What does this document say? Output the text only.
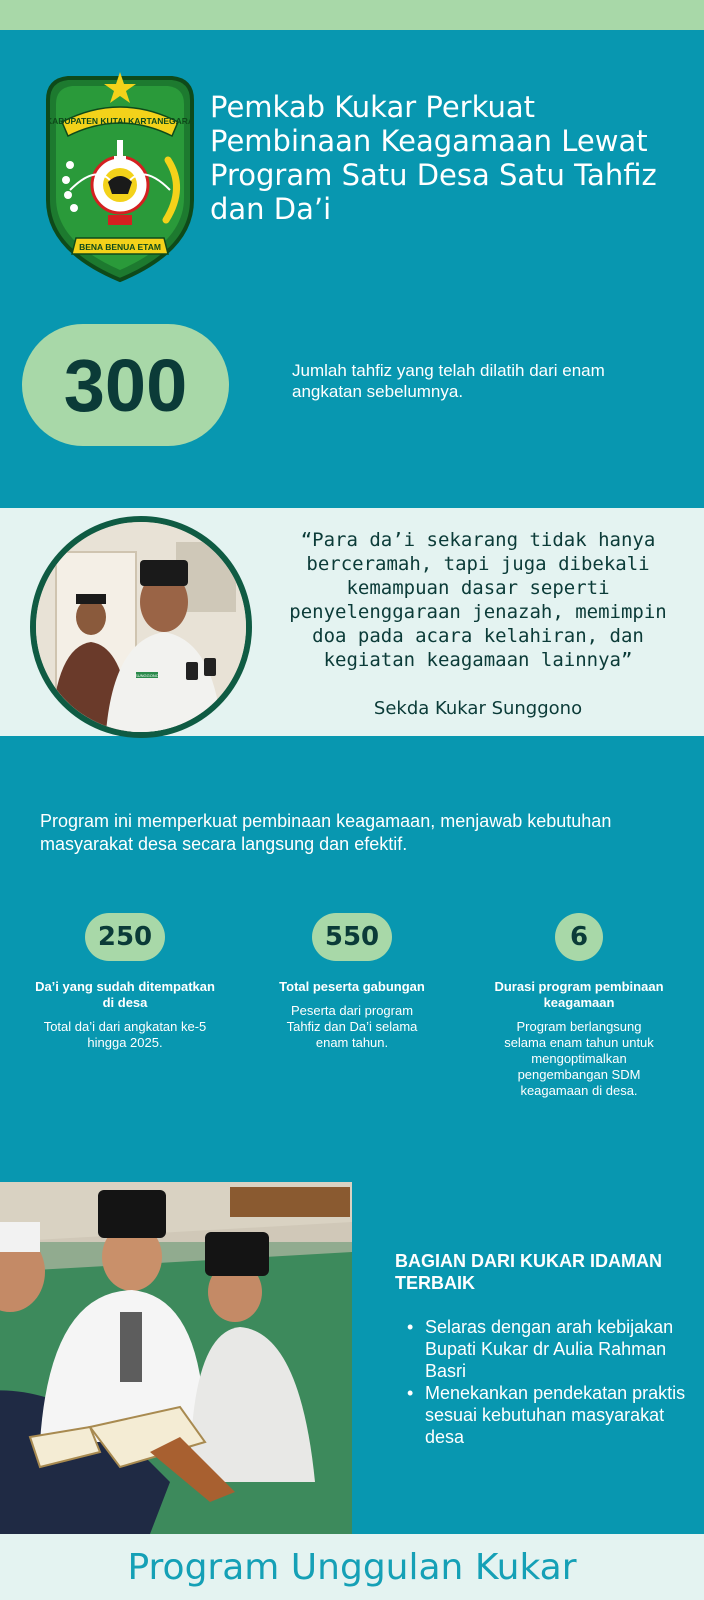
KABUPATEN KUTAI KARTANEGARA
BENA BENUA ETAM
Pemkab Kukar Perkuat Pembinaan Keagamaan Lewat Program Satu Desa Satu Tahfiz dan Da’i
300	Jumlah tahfiz yang telah dilatih dari enam angkatan sebelumnya.

SUNGGONO

“Para da’i sekarang tidak hanya berceramah, tapi juga dibekali kemampuan dasar seperti penyelenggaraan jenazah, memimpin doa pada acara kelahiran, dan kegiatan keagamaan lainnya”

Sekda Kukar Sunggono

Program ini memperkuat pembinaan keagamaan, menjawab kebutuhan masyarakat desa secara langsung dan efektif.

250
Da’i yang sudah ditempatkan di desa
Total da’i dari angkatan ke-5 hingga 2025.
550
Total peserta gabungan
Peserta dari program Tahfiz dan Da’i selama enam tahun.
6
Durasi program pembinaan keagamaan
Program berlangsung selama enam tahun untuk mengoptimalkan pengembangan SDM keagamaan di desa.
BAGIAN DARI KUKAR IDAMAN TERBAIK
• Selaras dengan arah kebijakan Bupati Kukar dr Aulia Rahman Basri
• Menekankan pendekatan praktis sesuai kebutuhan masyarakat desa
Program Unggulan Kukar
